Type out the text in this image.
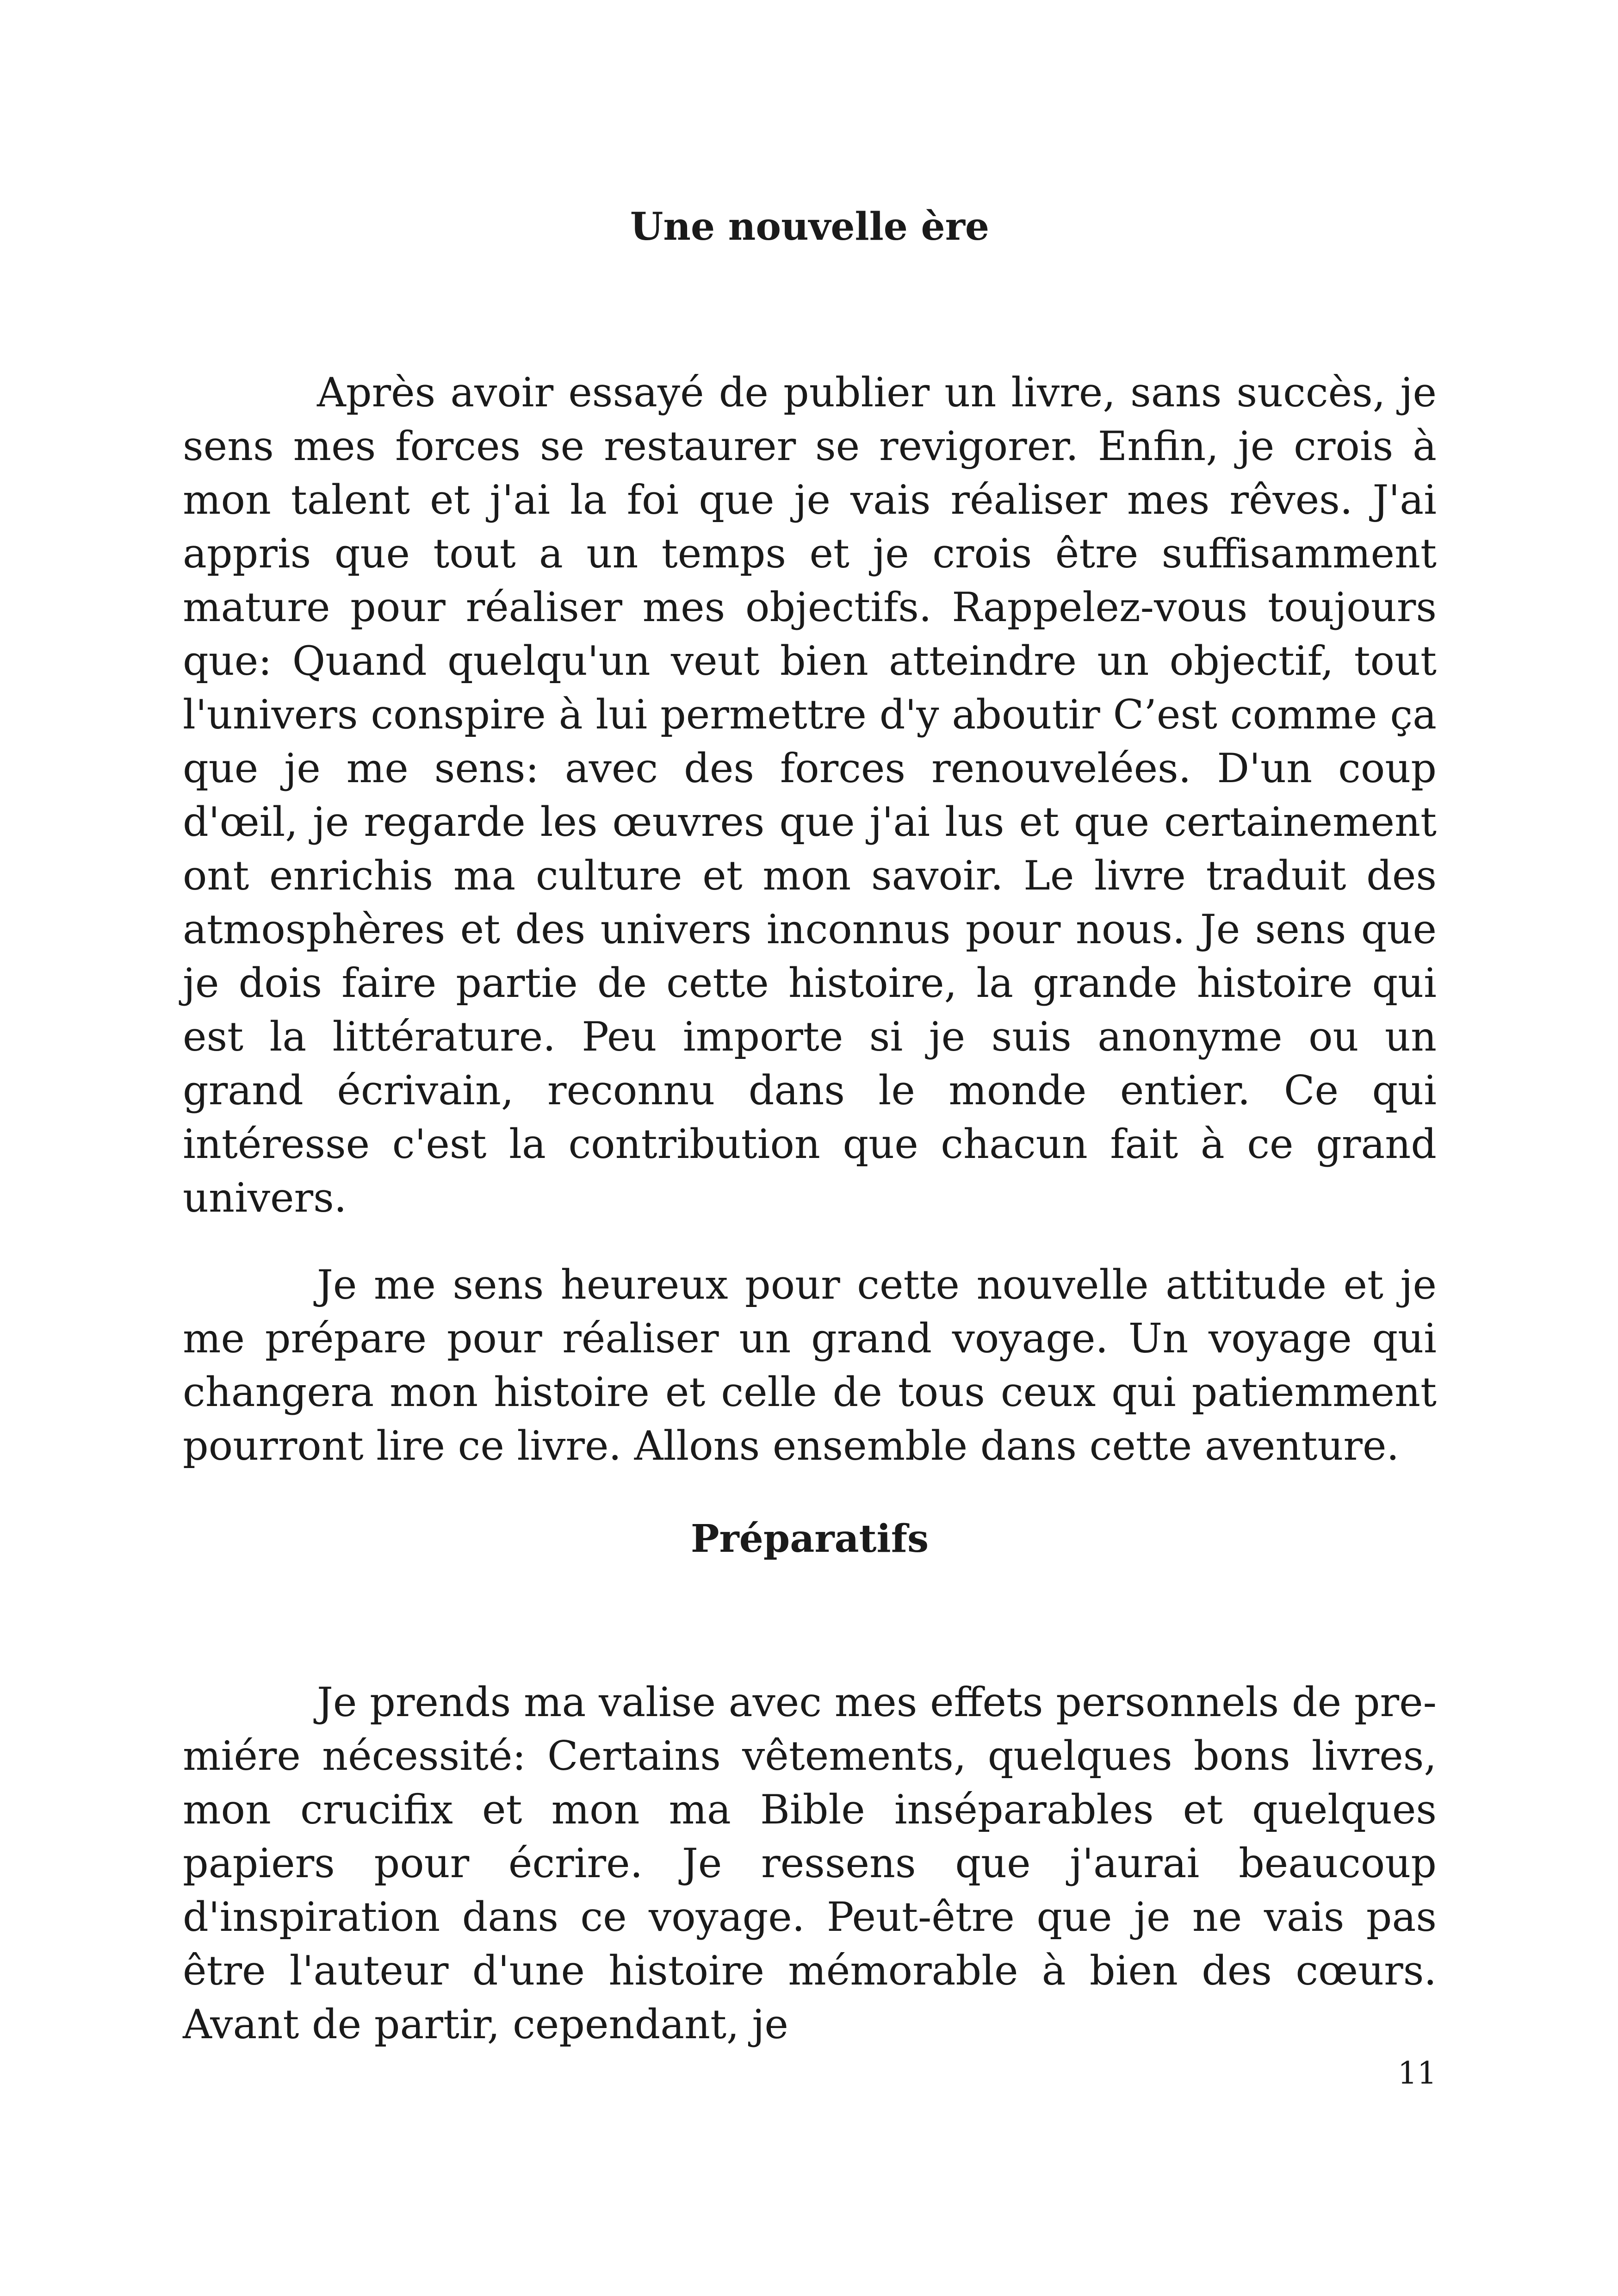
Une nouvelle ère

Après avoir essayé de publier un livre, sans succès, je sens mes forces se restaurer se revigorer. Enfin, je crois à mon talent et j'ai la foi que je vais réaliser mes rêves. J'ai appris que tout a un temps et je crois être suffisamment mature pour réaliser mes objectifs. Rappelez-vous toujours que: Quand quelqu'un veut bien atteindre un objectif, tout l'univers conspire à lui permettre d'y aboutir C’est comme ça que je me sens: avec des forces renouvelées. D'un coup d'œil, je regarde les œuvres que j'ai lus et que certainement ont enrichis ma culture et mon savoir. Le livre traduit des atmosphères et des univers inconnus pour nous. Je sens que je dois faire partie de cette histoire, la grande histoire qui est la littérature. Peu importe si je suis anonyme ou un grand écrivain, reconnu dans le monde entier. Ce qui intéresse c'est la contribution que chacun fait à ce grand univers.

Je me sens heureux pour cette nouvelle attitude et je me prépare pour réaliser un grand voyage. Un voyage qui changera mon histoire et celle de tous ceux qui patiemment pourront lire ce livre. Allons ensemble dans cette aventure.

Préparatifs

Je prends ma valise avec mes effets personnels de premiére nécessité: Certains vêtements, quelques bons livres, mon crucifix et mon ma Bible inséparables et quelques papiers pour écrire. Je ressens que j'aurai beaucoup d'inspiration dans ce voyage. Peut-être que je ne vais pas être l'auteur d'une histoire mémorable à bien des cœurs. Avant de partir, cependant, je

11
